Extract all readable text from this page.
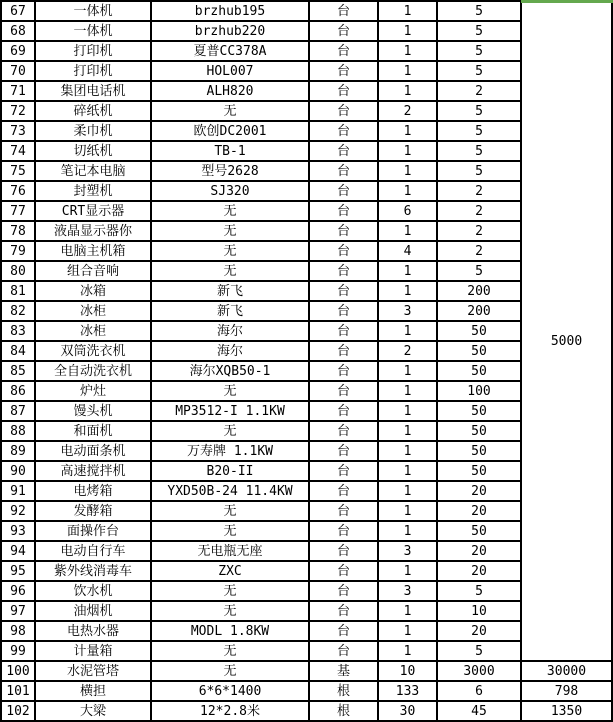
67	一体机	brzhub195	台	1	5	5000

68	一体机	brzhub220	台	1	5	
69	打印机	夏普CC378A	台	1	5	
70	打印机	HOL007	台	1	5	
71	集团电话机	ALH820	台	1	2	
72	碎纸机	无	台	2	5	
73	柔巾机	欧创DC2001	台	1	5	
74	切纸机	TB-1	台	1	5	
75	笔记本电脑	型号2628	台	1	5	
76	封塑机	SJ320	台	1	2	
77	CRT显示器	无	台	6	2	
78	液晶显示器你	无	台	1	2	
79	电脑主机箱	无	台	4	2	
80	组合音响	无	台	1	5	
81	冰箱	新飞	台	1	200	
82	冰柜	新飞	台	3	200	
83	冰柜	海尔	台	1	50	
84	双筒洗衣机	海尔	台	2	50	
85	全自动洗衣机	海尔XQB50-1	台	1	50	
86	炉灶	无	台	1	100	
87	馒头机	MP3512-I 1.1KW	台	1	50	
88	和面机	无	台	1	50	
89	电动面条机	万寿牌 1.1KW	台	1	50	
90	高速搅拌机	B20-II	台	1	50	
91	电烤箱	YXD50B-24 11.4KW	台	1	20	
92	发酵箱	无	台	1	20	
93	面操作台	无	台	1	50	
94	电动自行车	无电瓶无座	台	3	20	
95	紫外线消毒车	ZXC	台	1	20	
96	饮水机	无	台	3	5	
97	油烟机	无	台	1	10	
98	电热水器	MODL 1.8KW	台	1	20	
99	计量箱	无	台	1	5	
100	水泥管塔	无	基	10	3000	30000
101	横担	6*6*1400	根	133	6	798
102	大梁	12*2.8米	根	30	45	1350
